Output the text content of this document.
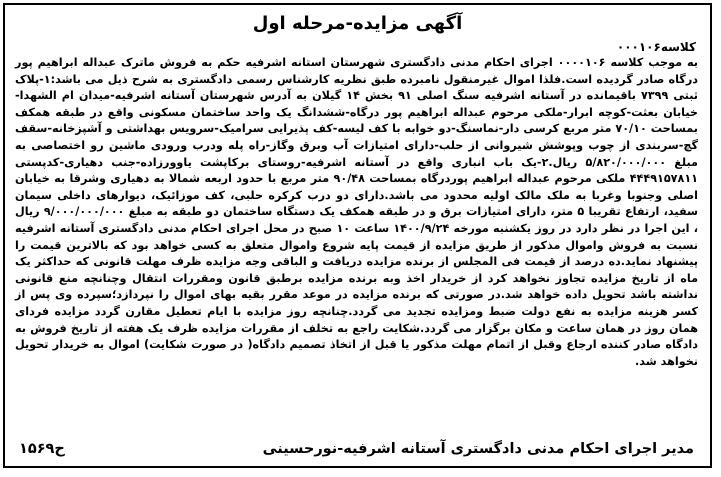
آگهی مزایده-مرحله اول
کلاسه۰۰۰۱۰۶
به موجب کلاسه ۰۰۰۰۱۰۶ اجرای احکام مدنی دادگستری شهرستان استانه اشرفیه حکم به فروش ماترک عبداله ابراهیم پور درگاه صادر گردیده است.فلذا اموال غیرمنقول نامبرده طبق نظریه کارشناس رسمی دادگستری به شرح ذیل می باشد:۱-پلاک ثبتی ۷۳۹۹ باقیمانده در آستانه اشرفیه سنگ اصلی ۹۱ بخش ۱۴ گیلان به آدرس شهرستان آستانه اشرفیه-میدان ام الشهدا-خیابان بعثت-کوچه ابرار-ملکی مرحوم عبداله ابراهیم پور درگاه-ششدانگ یک واحد ساختمان مسکونی واقع در طبقه همکف بمساحت ۷۰/۱۰ متر مربع کرسی دار-نماسنگ-دو خوابه با کف لیسه-کف پذیرایی سرامیک-سرویس بهداشتی و آشپزخانه-سقف گچ-سربندی از چوب وپوشش شیروانی از حلب-دارای امتیازات آب وبرق وگاز-راه پله ودرب ورودی ماشین رو اختصاصی به مبلغ ۵/۸۲۰/۰۰۰/۰۰۰ ریال.۲-یک باب انباری واقع در آستانه اشرفیه-روستای برکاپشت یاوورزاده-جنب دهیاری-کدپستی ۴۴۴۹۱۵۷۸۱۱ ملکی مرحوم عبداله ابراهیم پوردرگاه بمساحت ۹۰/۴۸ متر مربع با حدود اربعه شمالا به دهیاری وشرقا به خیابان اصلی وجنوبا وغربا به ملک مالک اولیه محدود می باشد.دارای دو درب کرکره حلبی، کف موزائیک، دیوارهای داخلی سیمان سفید، ارتفاع تقریبا ۵ متر، دارای امتیازات برق و در طبقه همکف یک دستگاه ساختمان دو طبقه به مبلغ ۹/۰۰۰/۰۰۰/۰۰۰ ریال ، این اجرا در نظر دارد در روز یکشنبه مورخه ۱۴۰۰/۹/۲۴ ساعت ۱۰ صبح در محل اجرای احکام مدنی دادگستری آستانه اشرفیه نسبت به فروش واموال مذکور از طریق مزایده از قیمت پایه شروع واموال متعلق به کسی خواهد بود که بالاترین قیمت را پیشنهاد نماید.ده درصد از قیمت فی المجلس از برنده مزایده دریافت و الباقی وجه مزایده ظرف مهلت قانونی که حداکثر یک ماه از تاریخ مزایده تجاوز نخواهد کرد از خریدار اخذ وبه برنده مزایده برطبق قانون ومقررات انتقال وچنانچه منع قانونی نداشته باشد تحویل داده خواهد شد.در صورتی که برنده مزایده در موعد مقرر بقیه بهای اموال را نپردازد؛سپرده وی پس از کسر هزینه مزایده به نفع دولت ضبط ومزایده تجدید می گردد.چنانچه روز مزایده با ایام تعطیل مقارن گردد مزایده فردای همان روز در همان ساعت و مکان برگزار می گردد.شکایت راجع به تخلف از مقررات مزایده ظرف یک هفته از تاریخ فروش به دادگاه صادر کننده ارجاع وقبل از اتمام مهلت مذکور یا قبل از اتخاذ تصمیم دادگاه( در صورت شکایت) اموال به خریدار تحویل نخواهد شد.
مدیر اجرای احکام مدنی دادگستری آستانه اشرفیه-نورحسینی
ح۱۵۶۹
